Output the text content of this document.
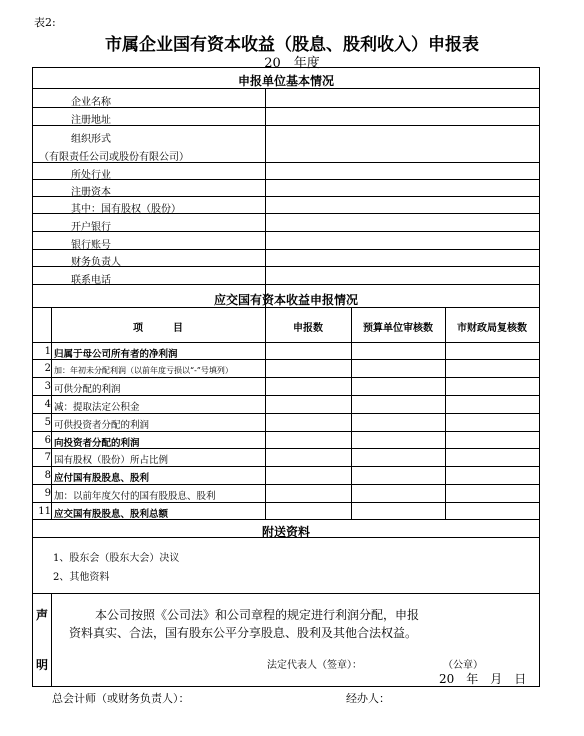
表2:
市属企业国有资本收益（股息、股利收入）申报表
20　年度
申报单位基本情况
企业名称
注册地址
组织形式
（有限责任公司或股份有限公司）
所处行业
注册资本
其中：国有股权（股份）
开户银行
银行账号
财务负责人
联系电话
应交国有资本收益申报情况
项　　　目	申报数	预算单位审核数	市财政局复核数
1 归属于母公司所有者的净利润
2 加：年初未分配利润（以前年度亏损以“-”号填列）
3 可供分配的利润
4 减：提取法定公积金
5 可供投资者分配的利润
6 向投资者分配的利润
7 国有股权（股份）所占比例
8 应付国有股股息、股利
9 加：以前年度欠付的国有股股息、股利
11 应交国有股股息、股利总额
附送资料
1、股东会（股东大会）决议
2、其他资料
声
明
本公司按照《公司法》和公司章程的规定进行利润分配，申报
资料真实、合法，国有股东公平分享股息、股利及其他合法权益。
法定代表人（签章）：	（公章）
20　年　月　日
总会计师（或财务负责人）：	经办人：
